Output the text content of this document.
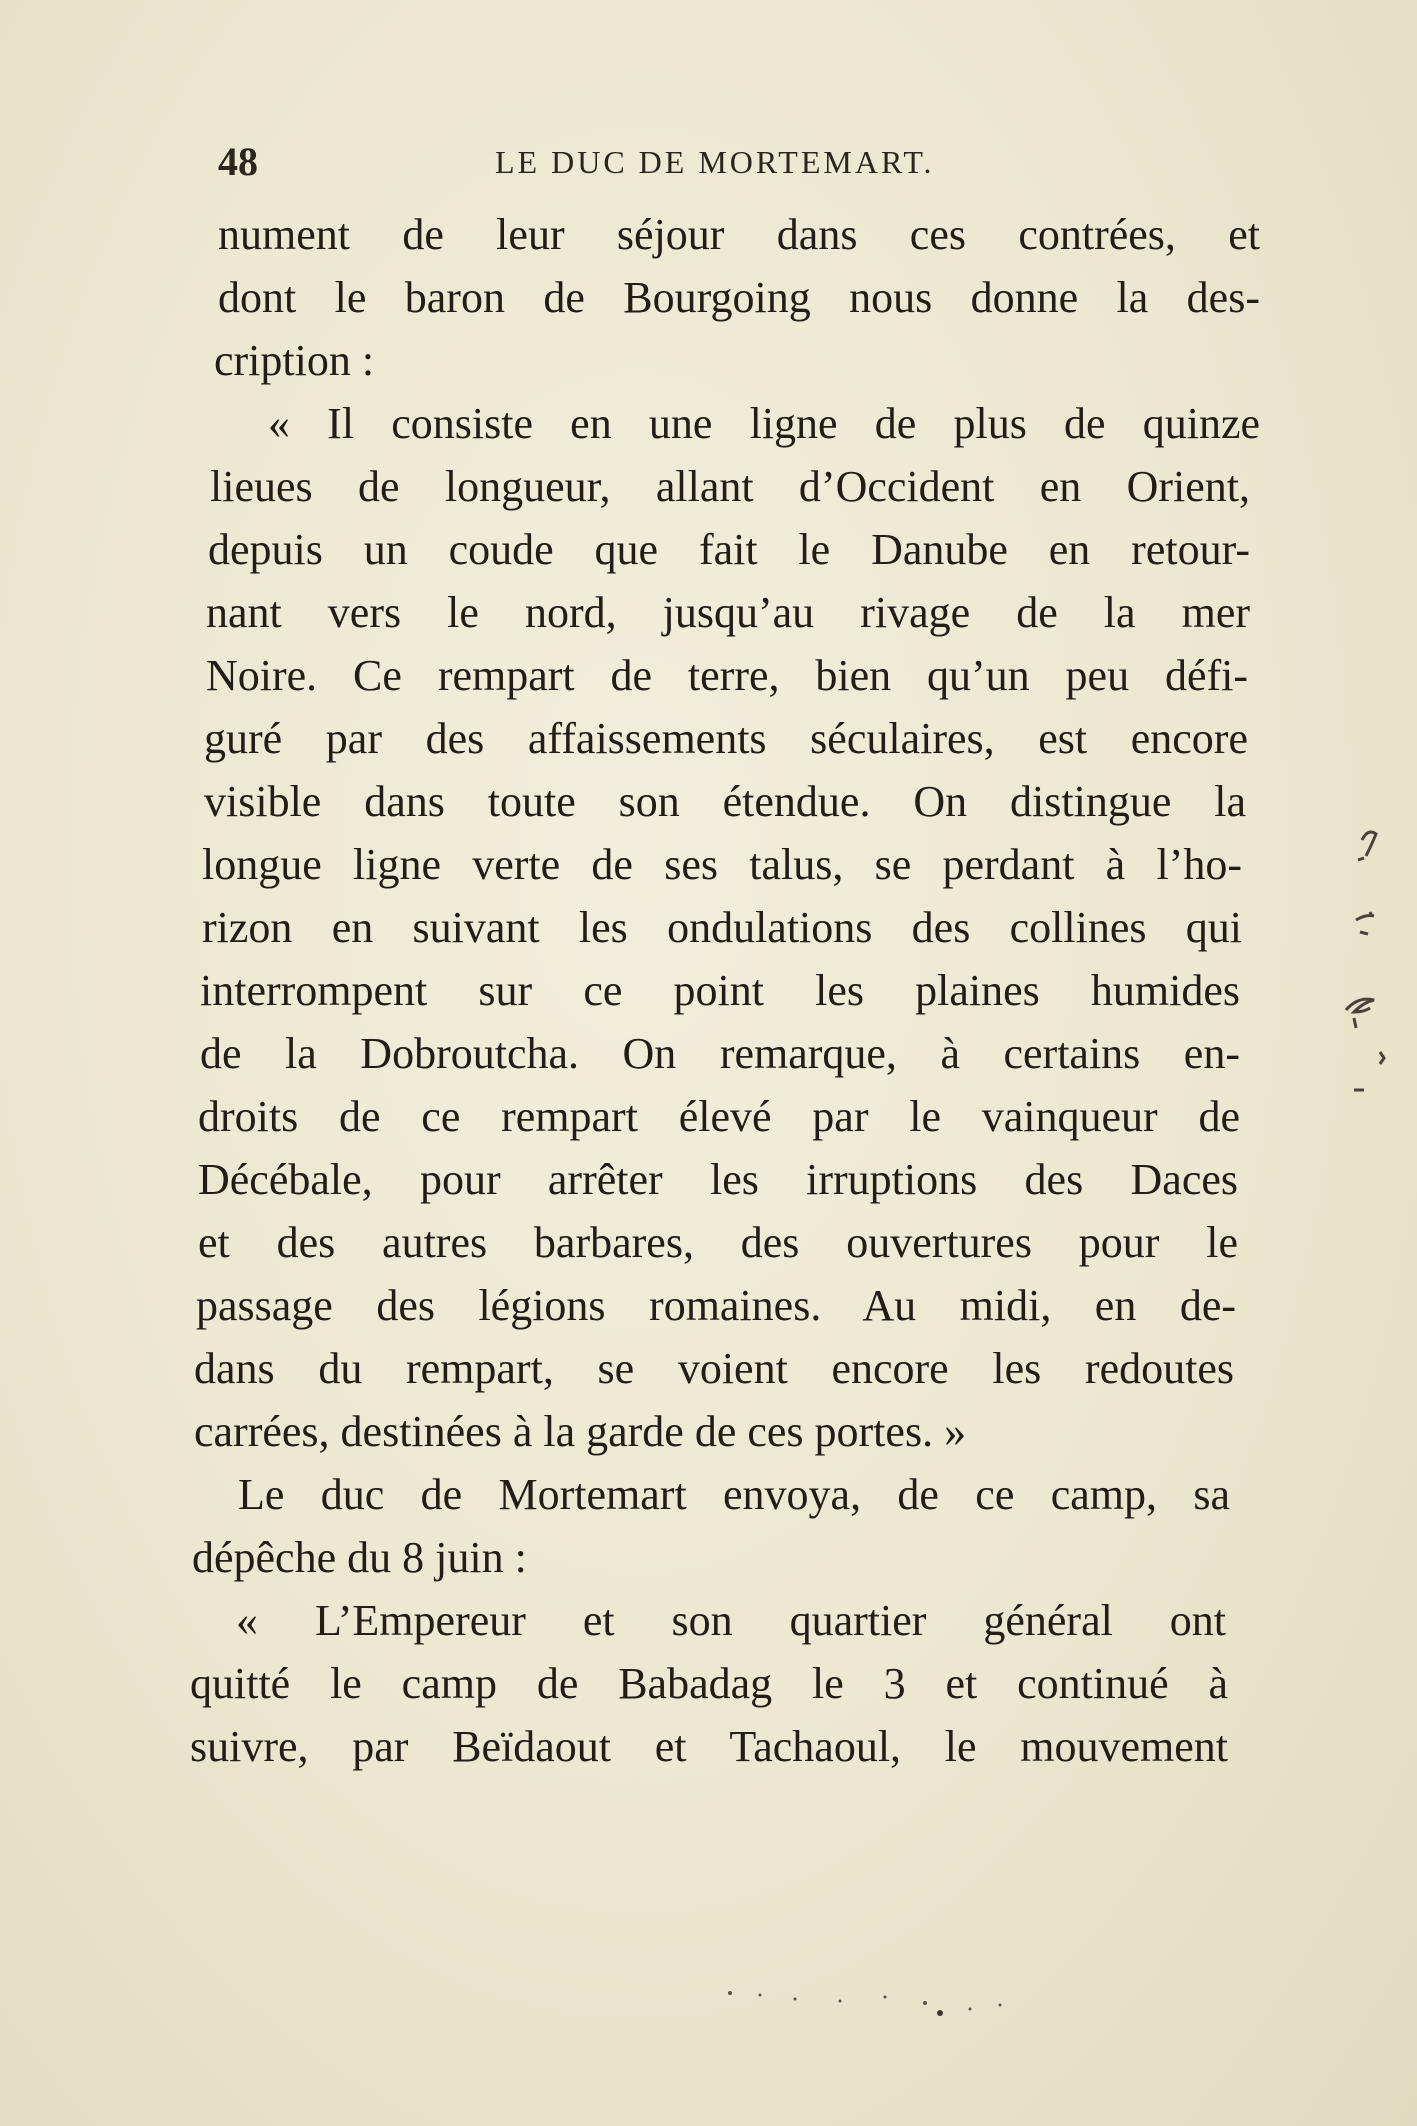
48	LE DUC DE MORTEMART.
nument de leur séjour dans ces contrées, et
dont le baron de Bourgoing nous donne la des-
cription :
« Il consiste en une ligne de plus de quinze
lieues de longueur, allant d’Occident en Orient,
depuis un coude que fait le Danube en retour-
nant vers le nord, jusqu’au rivage de la mer
Noire. Ce rempart de terre, bien qu’un peu défi-
guré par des affaissements séculaires, est encore
visible dans toute son étendue. On distingue la
longue ligne verte de ses talus, se perdant à l’ho-
rizon en suivant les ondulations des collines qui
interrompent sur ce point les plaines humides
de la Dobroutcha. On remarque, à certains en-
droits de ce rempart élevé par le vainqueur de
Décébale, pour arrêter les irruptions des Daces
et des autres barbares, des ouvertures pour le
passage des légions romaines. Au midi, en de-
dans du rempart, se voient encore les redoutes
carrées, destinées à la garde de ces portes. »
Le duc de Mortemart envoya, de ce camp, sa
dépêche du 8 juin :
« L’Empereur et son quartier général ont
quitté le camp de Babadag le 3 et continué à
suivre, par Beïdaout et Tachaoul, le mouvement
